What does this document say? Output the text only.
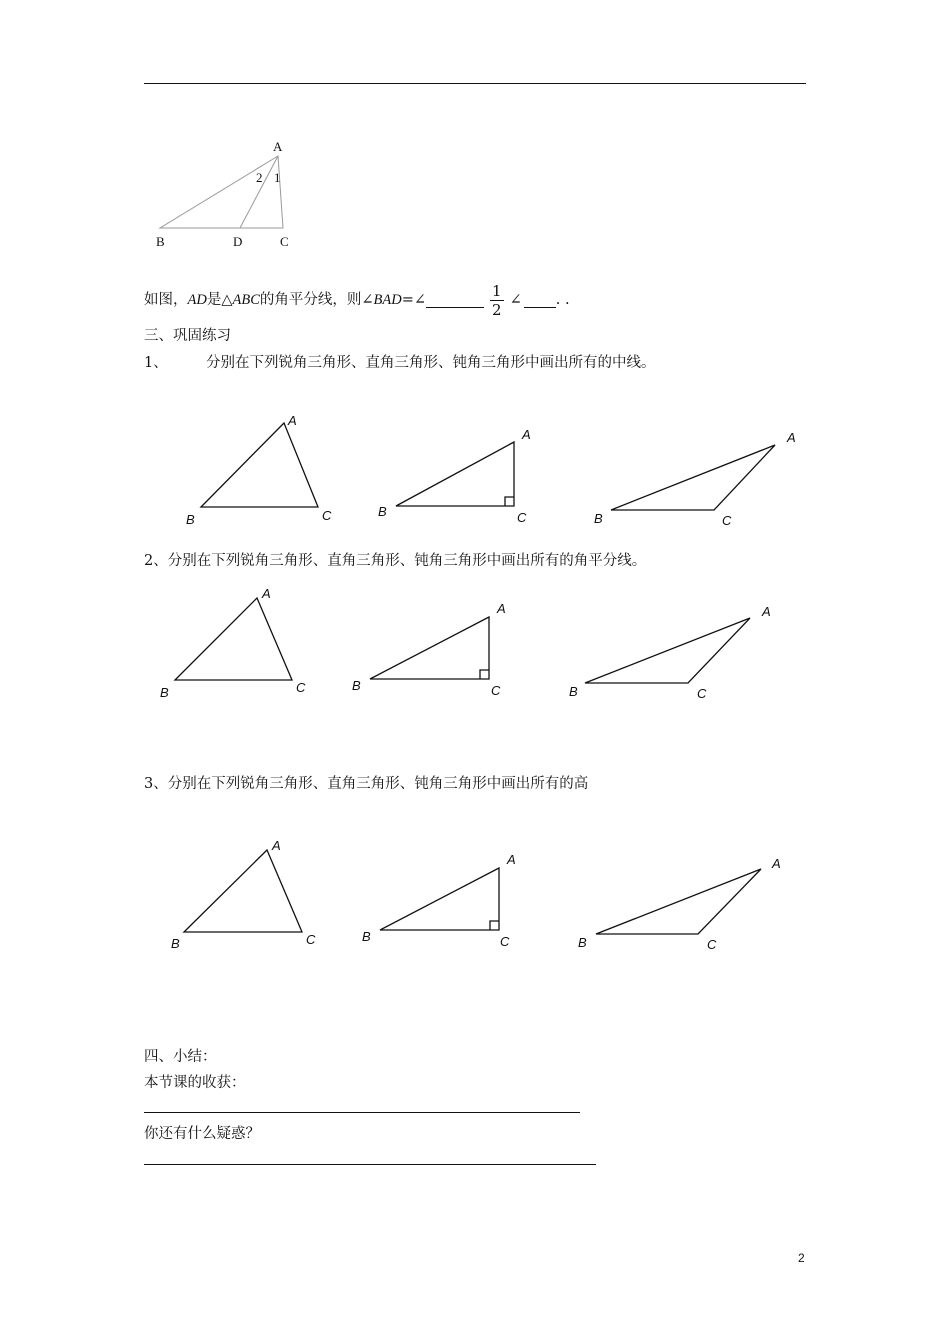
A
B	D	C
1
2
如图， AD 是△ ABC 的角平分线，则∠ BAD =∠	$\frac{1}{2}$ ∠ . .
三、巩固练习
1、	分别在下列锐角三角形、直角三角形、钝角三角形中画出所有的中线。
A
B	C
A
B	C
A
B	C
2、分别在下列锐角三角形、直角三角形、钝角三角形中画出所有的角平分线。
A
B	C
A
B	C
A
B	C
3、分别在下列锐角三角形、直角三角形、钝角三角形中画出所有的高
A
B	C
A
B	C
A
B	C
四、小结：
本节课的收获：
你还有什么疑惑？
2
